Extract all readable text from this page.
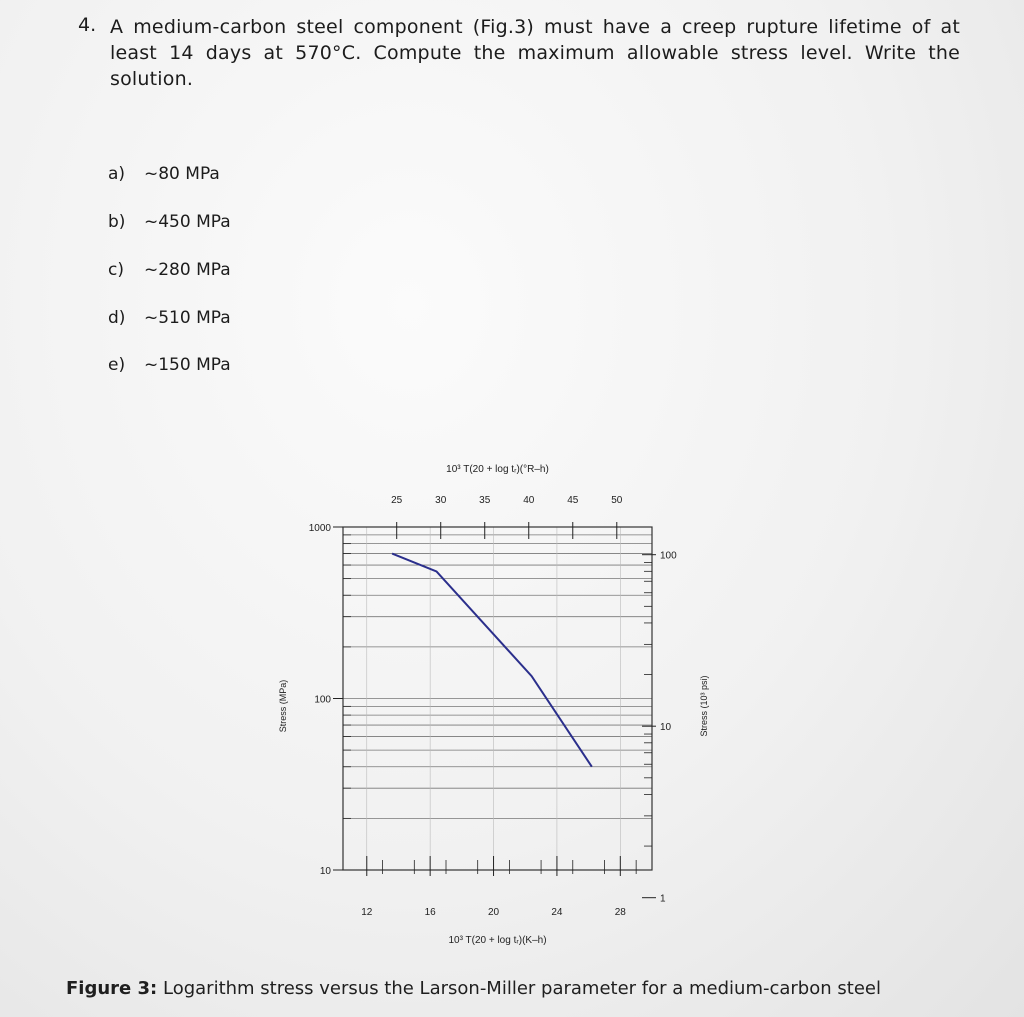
4. A medium-carbon steel component (Fig.3) must have a creep rupture lifetime of at least 14 days at 570°C. Compute the maximum allowable stress level. Write the solution.
a) ~80 MPa
b) ~450 MPa
c) ~280 MPa
d) ~510 MPa
e) ~150 MPa
1000
100
10
100
10
1
12	16	20	24	28
25	30	35	40	45	50
10³ T(20 + log tᵣ)(°R–h)
10³ T(20 + log tᵣ)(K–h)
Stress (MPa)	Stress (10³ psi)
Figure 3: Logarithm stress versus the Larson-Miller parameter for a medium-carbon steel
